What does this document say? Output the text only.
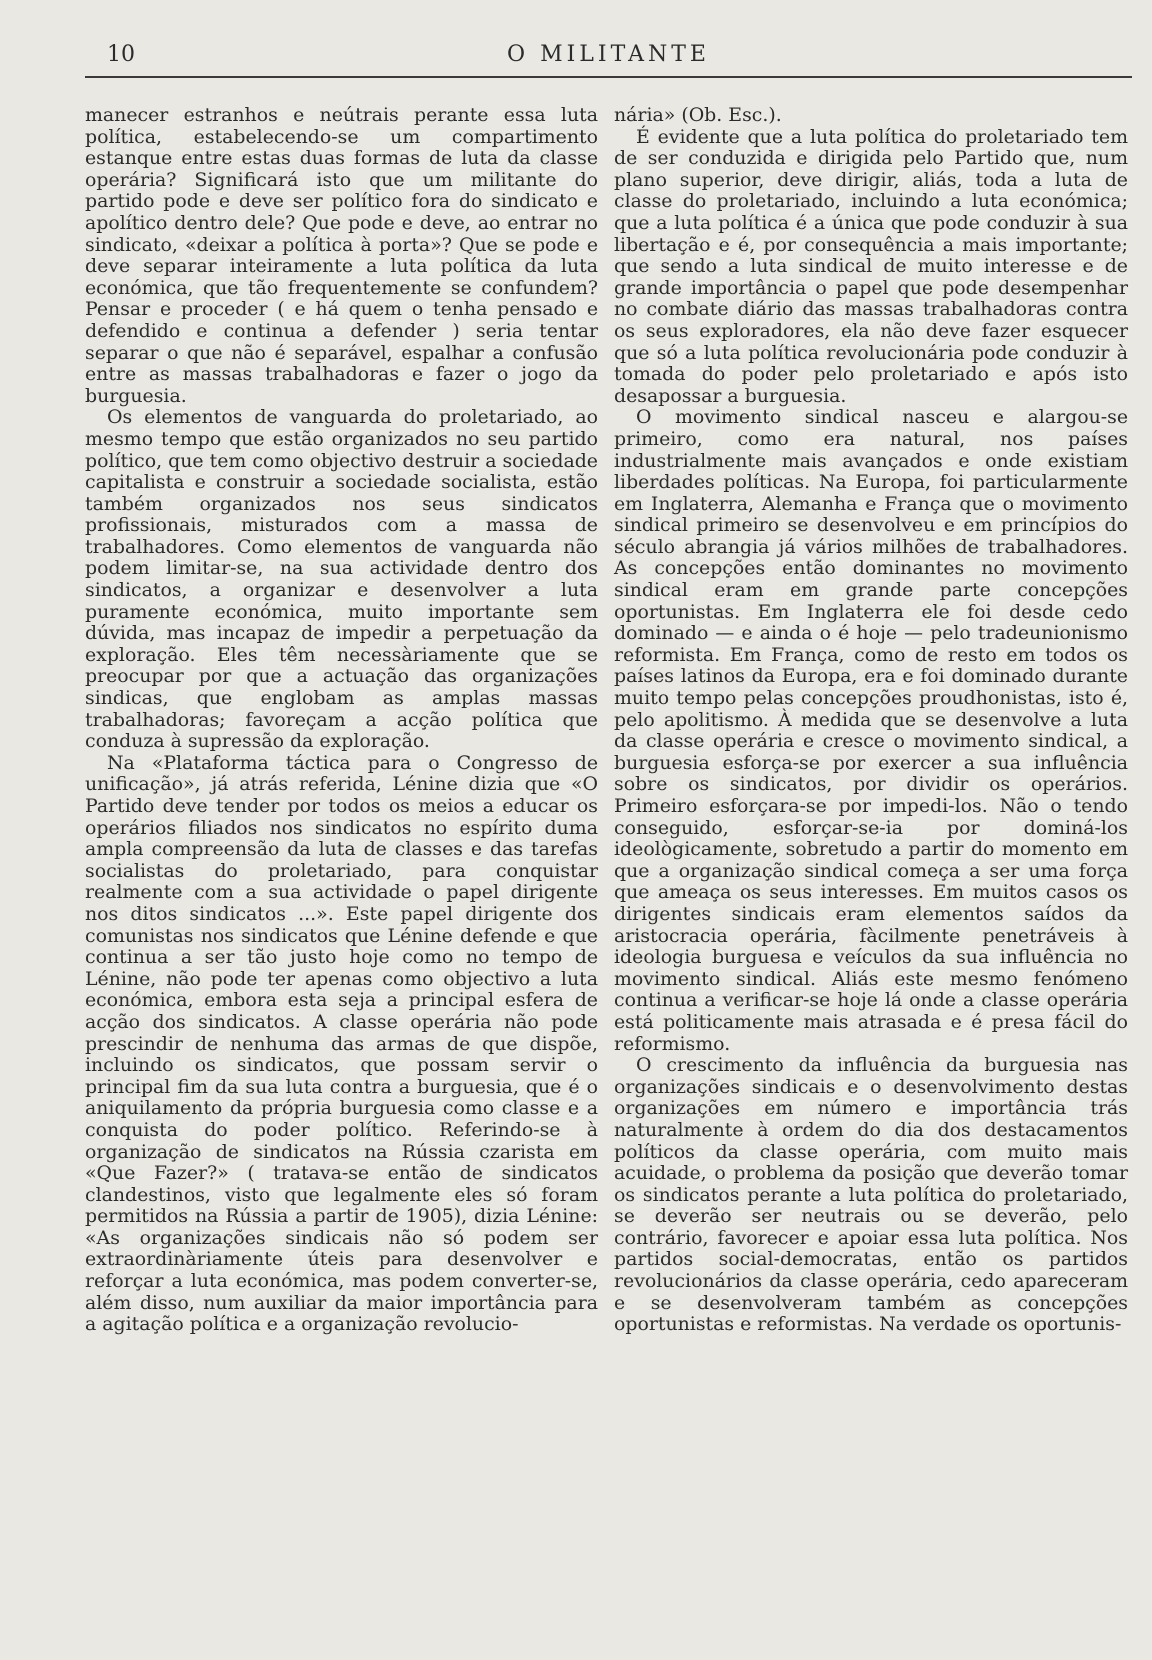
10	O MILITANTE

manecer estranhos e neútrais perante essa luta política, estabelecendo-se um compartimento estanque entre estas duas formas de luta da classe operária? Significará isto que um militante do partido pode e deve ser político fora do sindicato e apolítico dentro dele? Que pode e deve, ao entrar no sindicato, «deixar a política à porta»? Que se pode e deve separar inteiramente a luta política da luta económica, que tão frequentemente se confundem? Pensar e proceder ( e há quem o tenha pensado e defendido e continua a defender ) seria tentar separar o que não é separável, espalhar a confusão entre as massas trabalhadoras e fazer o jogo da burguesia.

Os elementos de vanguarda do proletariado, ao mesmo tempo que estão organizados no seu partido político, que tem como objectivo destruir a sociedade capitalista e construir a sociedade socialista, estão também organizados nos seus sindicatos profissionais, misturados com a massa de trabalhadores. Como elementos de vanguarda não podem limitar-se, na sua actividade dentro dos sindicatos, a organizar e desenvolver a luta puramente económica, muito importante sem dúvida, mas incapaz de impedir a perpetuação da exploração. Eles têm necessàriamente que se preocupar por que a actuação das organizações sindicas, que englobam as amplas massas trabalhadoras; favoreçam a acção política que conduza à supressão da exploração.

Na «Plataforma táctica para o Congresso de unificação», já atrás referida, Lénine dizia que «O Partido deve tender por todos os meios a educar os operários filiados nos sindicatos no espírito duma ampla compreensão da luta de classes e das tarefas socialistas do proletariado, para conquistar realmente com a sua actividade o papel dirigente nos ditos sindicatos ...». Este papel dirigente dos comunistas nos sindicatos que Lénine defende e que continua a ser tão justo hoje como no tempo de Lénine, não pode ter apenas como objectivo a luta económica, embora esta seja a principal esfera de acção dos sindicatos. A classe operária não pode prescindir de nenhuma das armas de que dispõe, incluindo os sindicatos, que possam servir o principal fim da sua luta contra a burguesia, que é o aniquilamento da própria burguesia como classe e a conquista do poder político. Referindo-se à organização de sindicatos na Rússia czarista em «Que Fazer?» ( tratava-se então de sindicatos clandestinos, visto que legalmente eles só foram permitidos na Rússia a partir de 1905), dizia Lénine: «As organizações sindicais não só podem ser extraordinàriamente úteis para desenvolver e reforçar a luta económica, mas podem converter-se, além disso, num auxiliar da maior importância para a agitação política e a organização revolucio-

nária» (Ob. Esc.).

É evidente que a luta política do proletariado tem de ser conduzida e dirigida pelo Partido que, num plano superior, deve dirigir, aliás, toda a luta de classe do proletariado, incluindo a luta económica; que a luta política é a única que pode conduzir à sua libertação e é, por consequência a mais importante; que sendo a luta sindical de muito interesse e de grande importância o papel que pode desempenhar no combate diário das massas trabalhadoras contra os seus exploradores, ela não deve fazer esquecer que só a luta política revolucionária pode conduzir à tomada do poder pelo proletariado e após isto desapossar a burguesia.

O movimento sindical nasceu e alargou-se primeiro, como era natural, nos países industrialmente mais avançados e onde existiam liberdades políticas. Na Europa, foi particularmente em Inglaterra, Alemanha e França que o movimento sindical primeiro se desenvolveu e em princípios do século abrangia já vários milhões de trabalhadores. As concepções então dominantes no movimento sindical eram em grande parte concepções oportunistas. Em Inglaterra ele foi desde cedo dominado — e ainda o é hoje — pelo tradeunionismo reformista. Em França, como de resto em todos os países latinos da Europa, era e foi dominado durante muito tempo pelas concepções proudhonistas, isto é, pelo apolitismo. À medida que se desenvolve a luta da classe operária e cresce o movimento sindical, a burguesia esforça-se por exercer a sua influência sobre os sindicatos, por dividir os operários. Primeiro esforçara-se por impedi-los. Não o tendo conseguido, esforçar-se-ia por dominá-los ideològicamente, sobretudo a partir do momento em que a organização sindical começa a ser uma força que ameaça os seus interesses. Em muitos casos os dirigentes sindicais eram elementos saídos da aristocracia operária, fàcilmente penetráveis à ideologia burguesa e veículos da sua influência no movimento sindical. Aliás este mesmo fenómeno continua a verificar-se hoje lá onde a classe operária está politicamente mais atrasada e é presa fácil do reformismo.

O crescimento da influência da burguesia nas organizações sindicais e o desenvolvimento destas organizações em número e importância trás naturalmente à ordem do dia dos destacamentos políticos da classe operária, com muito mais acuidade, o problema da posição que deverão tomar os sindicatos perante a luta política do proletariado, se deverão ser neutrais ou se deverão, pelo contrário, favorecer e apoiar essa luta política. Nos partidos social-democratas, então os partidos revolucionários da classe operária, cedo apareceram e se desenvolveram também as concepções oportunistas e reformistas. Na verdade os oportunis-
